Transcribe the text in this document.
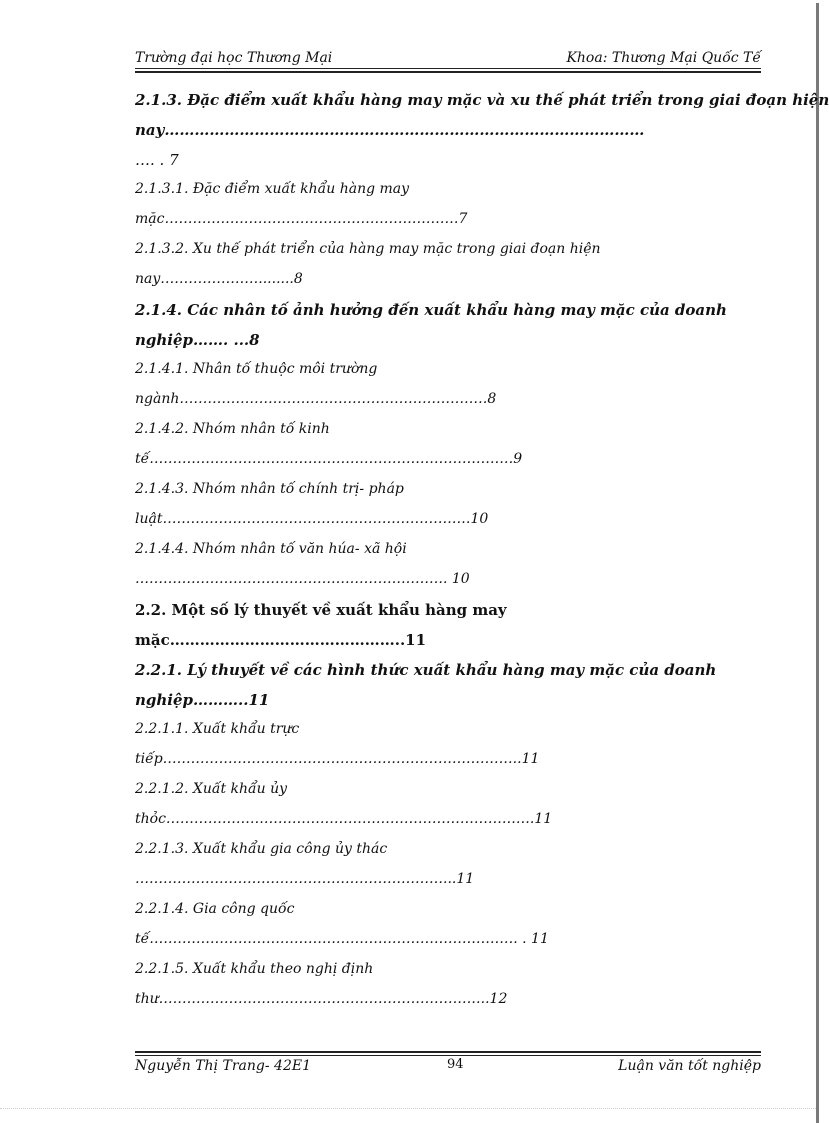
Trường đại học Thương Mại	Khoa: Thương Mại Quốc Tế
2.1.3. Đặc điểm xuất khẩu hàng may mặc và xu thế phát triển trong giai đoạn hiện
nay……………………………………………………………………………………
…. . 7
2.1.3.1. Đặc điểm xuất khẩu hàng may
mặc………………………………………………………7
2.1.3.2. Xu thế phát triển của hàng may mặc trong giai đoạn hiện
nay…………………........8
2.1.4. Các nhân tố ảnh hưởng đến xuất khẩu hàng may mặc của doanh
nghiệp……. ...8
2.1.4.1. Nhân tố thuộc môi trường
ngành…………………………………………………………8
2.1.4.2. Nhóm nhân tố kinh
tế……………………………………………………………………9
2.1.4.3. Nhóm nhân tố chính trị- pháp
luật…………………………………………………………10
2.1.4.4. Nhóm nhân tố văn húa- xã hội
…………………………………………………………. 10
2.2. Một số lý thuyết về xuất khẩu hàng may
mặc………………………………………..11
2.2.1. Lý thuyết về các hình thức xuất khẩu hàng may mặc của doanh
nghiệp………..11
2.2.1.1. Xuất khẩu trực
tiếp…………………………………………………………………..11
2.2.1.2. Xuất khẩu ủy
thỏc…………………………………………………………………….11
2.2.1.3. Xuất khẩu gia công ủy thác
…………………………………………………………...11
2.2.1.4. Gia công quốc
tế……………………………………………………………………. . 11
2.2.1.5. Xuất khẩu theo nghị định
thư……………………………………………………………..12
Nguyễn Thị Trang- 42E1	94	Luận văn tốt nghiệp
